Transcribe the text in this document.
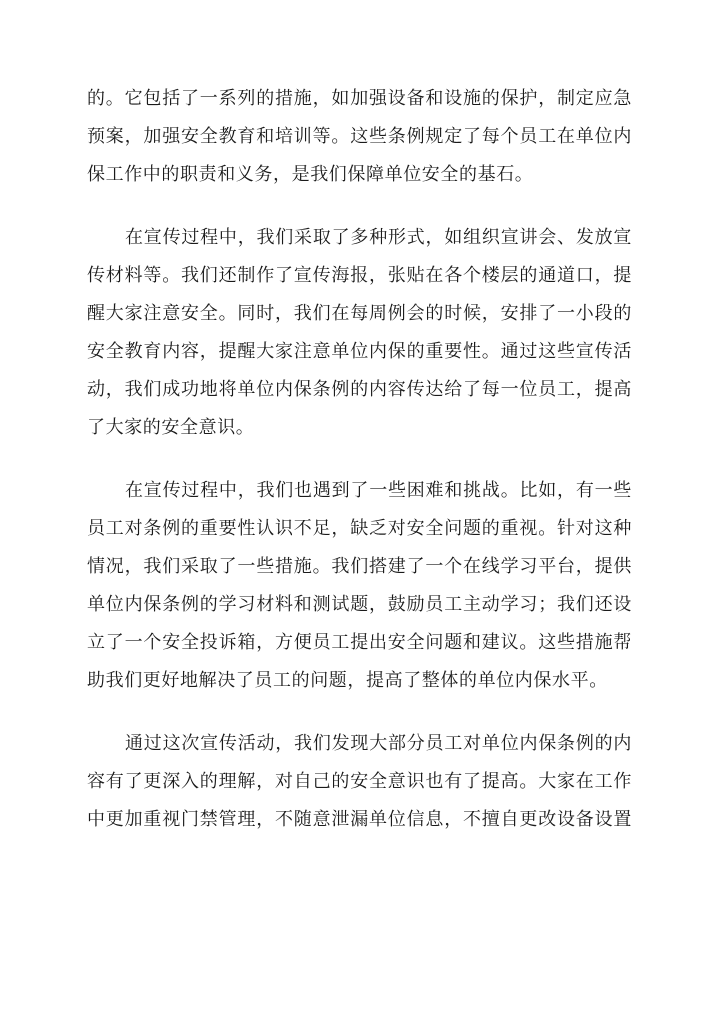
的。它包括了一系列的措施，如加强设备和设施的保护，制定应急
预案，加强安全教育和培训等。这些条例规定了每个员工在单位内
保工作中的职责和义务，是我们保障单位安全的基石。
在宣传过程中，我们采取了多种形式，如组织宣讲会、发放宣
传材料等。我们还制作了宣传海报，张贴在各个楼层的通道口，提
醒大家注意安全。同时，我们在每周例会的时候，安排了一小段的
安全教育内容，提醒大家注意单位内保的重要性。通过这些宣传活
动，我们成功地将单位内保条例的内容传达给了每一位员工，提高
了大家的安全意识。
在宣传过程中，我们也遇到了一些困难和挑战。比如，有一些
员工对条例的重要性认识不足，缺乏对安全问题的重视。针对这种
情况，我们采取了一些措施。我们搭建了一个在线学习平台，提供
单位内保条例的学习材料和测试题，鼓励员工主动学习；我们还设
立了一个安全投诉箱，方便员工提出安全问题和建议。这些措施帮
助我们更好地解决了员工的问题，提高了整体的单位内保水平。
通过这次宣传活动，我们发现大部分员工对单位内保条例的内
容有了更深入的理解，对自己的安全意识也有了提高。大家在工作
中更加重视门禁管理，不随意泄漏单位信息，不擅自更改设备设置
